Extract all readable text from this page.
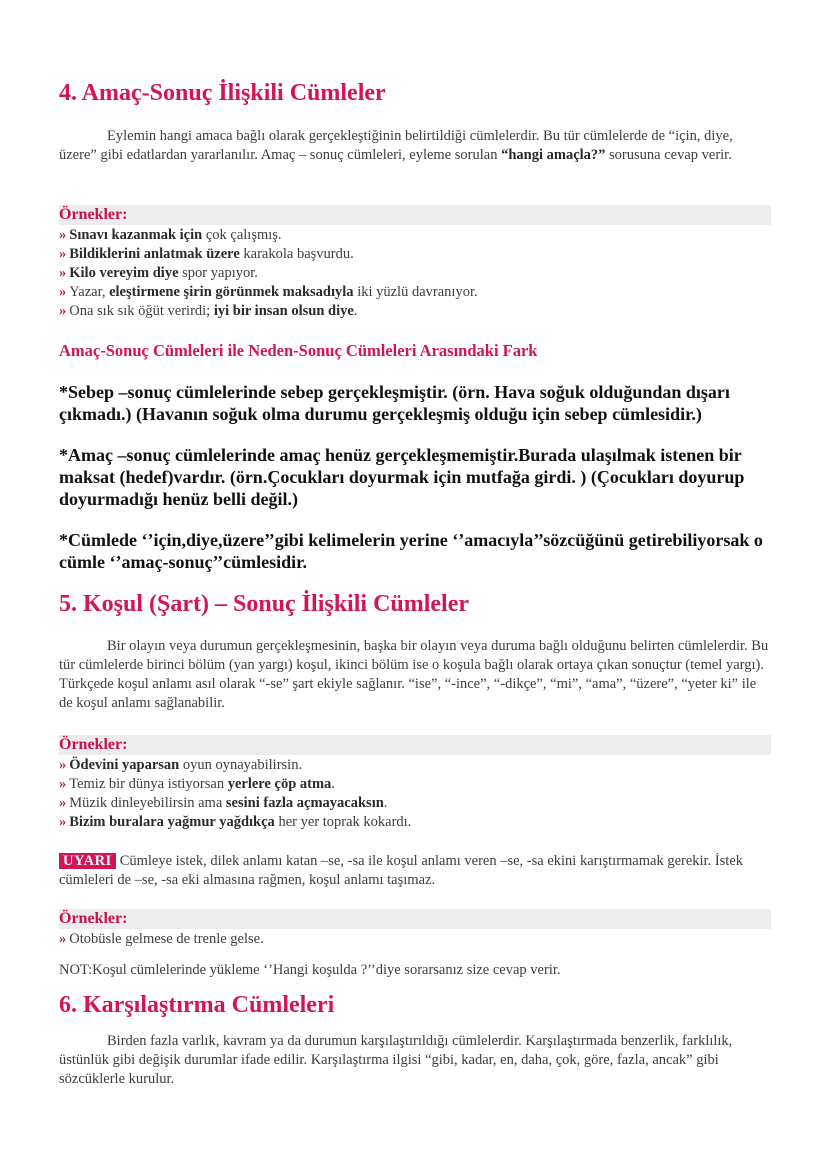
4. Amaç-Sonuç İlişkili Cümleler

Eylemin hangi amaca bağlı olarak gerçekleştiğinin belirtildiği cümlelerdir. Bu tür cümlelerde de “için, diye, üzere” gibi edatlardan yararlanılır. Amaç – sonuç cümleleri, eyleme sorulan “hangi amaçla?” sorusuna cevap verir.

Örnekler:
» Sınavı kazanmak için çok çalışmış.
» Bildiklerini anlatmak üzere karakola başvurdu.
» Kilo vereyim diye spor yapıyor.
» Yazar, eleştirmene şirin görünmek maksadıyla iki yüzlü davranıyor.
» Ona sık sık öğüt verirdi; iyi bir insan olsun diye.
Amaç-Sonuç Cümleleri ile Neden-Sonuç Cümleleri Arasındaki Fark

*Sebep –sonuç cümlelerinde sebep gerçekleşmiştir. (örn. Hava soğuk olduğundan dışarı çıkmadı.) (Havanın soğuk olma durumu gerçekleşmiş olduğu için sebep cümlesidir.)

*Amaç –sonuç cümlelerinde amaç henüz gerçekleşmemiştir.Burada ulaşılmak istenen bir maksat (hedef)vardır. (örn.Çocukları doyurmak için mutfağa girdi. ) (Çocukları doyurup doyurmadığı henüz belli değil.)

*Cümlede ‘’için,diye,üzere’’gibi kelimelerin yerine ‘’amacıyla’’sözcüğünü getirebiliyorsak o cümle ‘’amaç-sonuç’’cümlesidir.

5. Koşul (Şart) – Sonuç İlişkili Cümleler

Bir olayın veya durumun gerçekleşmesinin, başka bir olayın veya duruma bağlı olduğunu belirten cümlelerdir. Bu tür cümlelerde birinci bölüm (yan yargı) koşul, ikinci bölüm ise o koşula bağlı olarak ortaya çıkan sonuçtur (temel yargı). Türkçede koşul anlamı asıl olarak “-se” şart ekiyle sağlanır. “ise”, “-ince”, “-dikçe”, “mi”, “ama”, “üzere”, “yeter ki” ile de koşul anlamı sağlanabilir.

Örnekler:
» Ödevini yaparsan oyun oynayabilirsin.
» Temiz bir dünya istiyorsan yerlere çöp atma.
» Müzik dinleyebilirsin ama sesini fazla açmayacaksın.
» Bizim buralara yağmur yağdıkça her yer toprak kokardı.

UYARI Cümleye istek, dilek anlamı katan –se, -sa ile koşul anlamı veren –se, -sa ekini karıştırmamak gerekir. İstek cümleleri de –se, -sa eki almasına rağmen, koşul anlamı taşımaz.

Örnekler:
» Otobüsle gelmese de trenle gelse.

NOT:Koşul cümlelerinde yükleme ‘’Hangi koşulda ?’’diye sorarsanız size cevap verir.

6. Karşılaştırma Cümleleri

Birden fazla varlık, kavram ya da durumun karşılaştırıldığı cümlelerdir. Karşılaştırmada benzerlik, farklılık, üstünlük gibi değişik durumlar ifade edilir. Karşılaştırma ilgisi “gibi, kadar, en, daha, çok, göre, fazla, ancak” gibi sözcüklerle kurulur.
